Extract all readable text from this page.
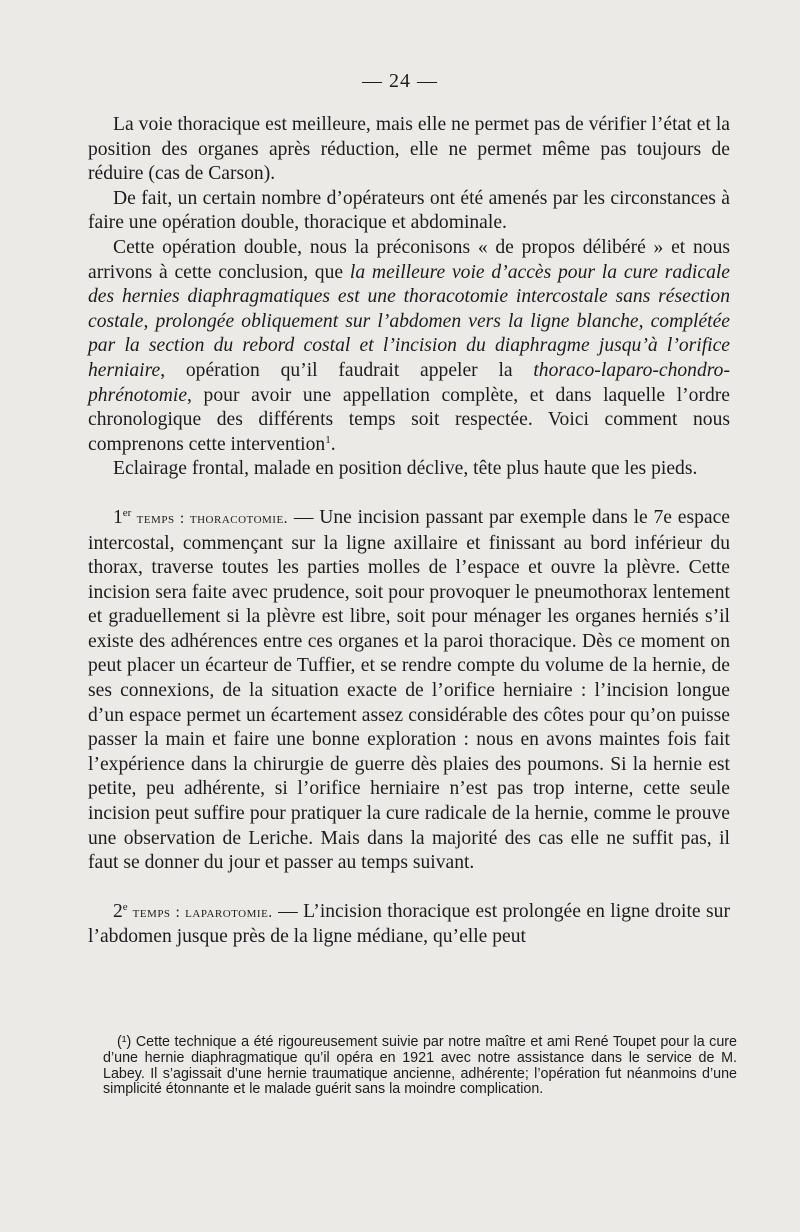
— 24 —

La voie thoracique est meilleure, mais elle ne permet pas de vérifier l’état et la position des organes après réduction, elle ne permet même pas toujours de réduire (cas de Carson).

De fait, un certain nombre d’opérateurs ont été amenés par les circonstances à faire une opération double, thoracique et abdominale.

Cette opération double, nous la préconisons « de propos délibéré » et nous arrivons à cette conclusion, que la meilleure voie d’accès pour la cure radicale des hernies diaphragmatiques est une thoracotomie intercostale sans résection costale, prolongée obliquement sur l’abdomen vers la ligne blanche, complétée par la section du rebord costal et l’incision du diaphragme jusqu’à l’orifice herniaire, opération qu’il faudrait appeler la thoraco-laparo-chondro-phrénotomie, pour avoir une appellation complète, et dans laquelle l’ordre chronologique des différents temps soit respectée. Voici comment nous comprenons cette intervention$^1$.

Eclairage frontal, malade en position déclive, tête plus haute que les pieds.

1er temps : thoracotomie. — Une incision passant par exemple dans le 7e espace intercostal, commençant sur la ligne axillaire et finissant au bord inférieur du thorax, traverse toutes les parties molles de l’espace et ouvre la plèvre. Cette incision sera faite avec prudence, soit pour provoquer le pneumothorax lentement et graduellement si la plèvre est libre, soit pour ménager les organes herniés s’il existe des adhérences entre ces organes et la paroi thoracique. Dès ce moment on peut placer un écarteur de Tuffier, et se rendre compte du volume de la hernie, de ses connexions, de la situation exacte de l’orifice herniaire : l’incision longue d’un espace permet un écartement assez considérable des côtes pour qu’on puisse passer la main et faire une bonne exploration : nous en avons maintes fois fait l’expérience dans la chirurgie de guerre dès plaies des poumons. Si la hernie est petite, peu adhérente, si l’orifice herniaire n’est pas trop interne, cette seule incision peut suffire pour pratiquer la cure radicale de la hernie, comme le prouve une observation de Leriche. Mais dans la majorité des cas elle ne suffit pas, il faut se donner du jour et passer au temps suivant.

2e temps : laparotomie. — L’incision thoracique est prolongée en ligne droite sur l’abdomen jusque près de la ligne médiane, qu’elle peut

(¹) Cette technique a été rigoureusement suivie par notre maître et ami René Toupet pour la cure d’une hernie diaphragmatique qu’il opéra en 1921 avec notre assistance dans le service de M. Labey. Il s’agissait d’une hernie traumatique ancienne, adhérente; l’opération fut néanmoins d’une simplicité étonnante et le malade guérit sans la moindre complication.
